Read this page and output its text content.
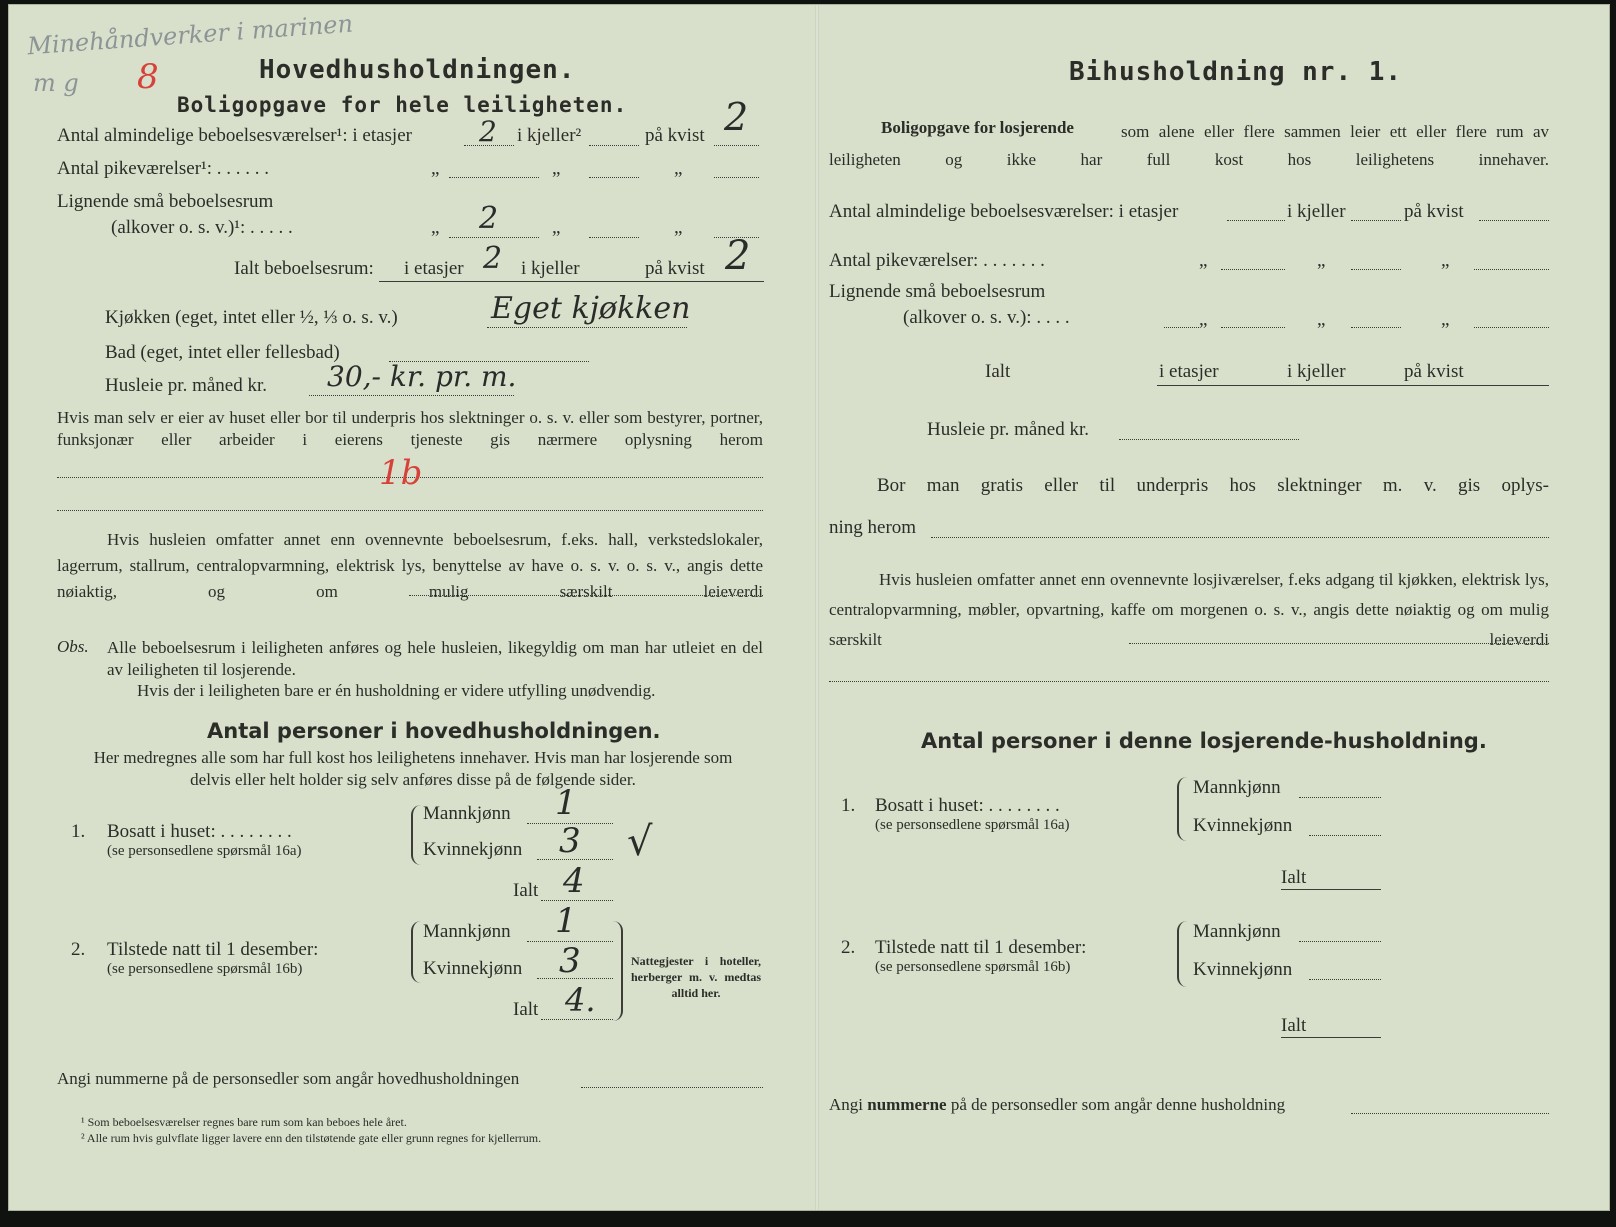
Minehåndverker i marinen
m g 8	Hovedhusholdningen.
Boligopgave for hele leiligheten.
Antal almindelige beboelsesværelser¹: i etasjer 2 i kjeller²	på kvist 2
Antal pikeværelser¹: . . . . . .	„	„	„
Lignende små beboelsesrum
(alkover o. s. v.)¹: . . . . .	„ 2	„	„
Ialt beboelsesrum: i etasjer 2 i kjeller	på kvist 2
Kjøkken (eget, intet eller ½, ⅓ o. s. v.)	Eget kjøkken
Bad (eget, intet eller fellesbad)
Husleie pr. måned kr. 30,- kr. pr. m.
Hvis man selv er eier av huset eller bor til underpris hos slektninger o. s. v. eller som bestyrer, portner, funksjonær eller arbeider i eierens tjeneste gis nærmere oplysning herom
1b
Hvis husleien omfatter annet enn ovennevnte beboelsesrum, f.eks. hall, verkstedslokaler, lagerrum, stallrum, centralopvarmning, elektrisk lys, benyttelse av have o. s. v. o. s. v., angis dette nøiaktig, og om mulig særskilt leieverdi
Obs. Alle beboelsesrum i leiligheten anføres og hele husleien, likegyldig om man har utleiet en del av leiligheten til losjerende.
Hvis der i leiligheten bare er én husholdning er videre utfylling unødvendig.
Antal personer i hovedhusholdningen.
Her medregnes alle som har full kost hos leilighetens innehaver. Hvis man har losjerende som delvis eller helt holder sig selv anføres disse på de følgende sider.
1. Bosatt i huset: . . . . . . . .
(se personsedlene spørsmål 16a)
Mannkjønn 1
Kvinnekjønn 3
Ialt 4
√
2. Tilstede natt til 1 desember:
(se personsedlene spørsmål 16b)
Mannkjønn 1
Kvinnekjønn 3
Ialt 4.
Nattegjester i hoteller, herberger m. v. medtas alltid her.
Angi nummerne på de personsedler som angår hovedhusholdningen
¹ Som beboelsesværelser regnes bare rum som kan beboes hele året.
² Alle rum hvis gulvflate ligger lavere enn den tilstøtende gate eller grunn regnes for kjellerrum.
Bihusholdning nr. 1.
Boligopgave for losjerende	som alene eller flere sammen leier ett eller flere rum av leiligheten og ikke har full kost hos leilighetens innehaver.
Antal almindelige beboelsesværelser: i etasjer	i kjeller	på kvist
Antal pikeværelser: . . . . . . .	„	„	„
Lignende små beboelsesrum
(alkover o. s. v.): . . . .	„	„	„
Ialt	i etasjer	i kjeller	på kvist
Husleie pr. måned kr.
Bor man gratis eller til underpris hos slektninger m. v. gis oplys-
ning herom
Hvis husleien omfatter annet enn ovennevnte losjiværelser, f.eks adgang til kjøkken, elektrisk lys, centralopvarmning, møbler, opvartning, kaffe om morgenen o. s. v., angis dette nøiaktig og om mulig særskilt leieverdi
Antal personer i denne losjerende-husholdning.
1. Bosatt i huset: . . . . . . . .
(se personsedlene spørsmål 16a)
Mannkjønn
Kvinnekjønn
Ialt
2. Tilstede natt til 1 desember:
(se personsedlene spørsmål 16b)
Mannkjønn
Kvinnekjønn
Ialt
Angi nummerne på de personsedler som angår denne husholdning
